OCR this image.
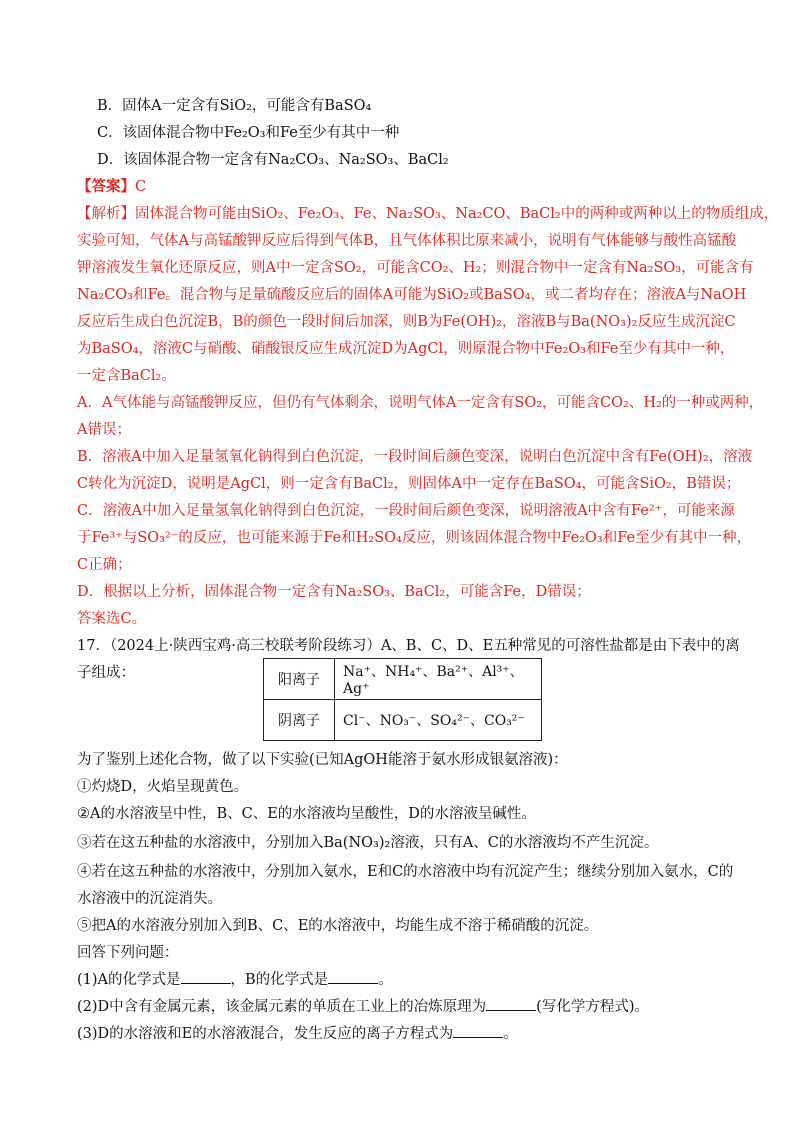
B．固体A一定含有SiO₂，可能含有BaSO₄
C．该固体混合物中Fe₂O₃和Fe至少有其中一种
D．该固体混合物一定含有Na₂CO₃、Na₂SO₃、BaCl₂
【答案】C
【解析】固体混合物可能由SiO₂、Fe₂O₃、Fe、Na₂SO₃、Na₂CO、BaCl₂中的两种或两种以上的物质组成，
实验可知，气体A与高锰酸钾反应后得到气体B，且气体体积比原来减小，说明有气体能够与酸性高锰酸
钾溶液发生氧化还原反应，则A中一定含SO₂，可能含CO₂、H₂；则混合物中一定含有Na₂SO₃，可能含有
Na₂CO₃和Fe。混合物与足量硫酸反应后的固体A可能为SiO₂或BaSO₄，或二者均存在；溶液A与NaOH
反应后生成白色沉淀B，B的颜色一段时间后加深，则B为Fe(OH)₂，溶液B与Ba(NO₃)₂反应生成沉淀C
为BaSO₄，溶液C与硝酸、硝酸银反应生成沉淀D为AgCl，则原混合物中Fe₂O₃和Fe至少有其中一种，
一定含BaCl₂。
A．A气体能与高锰酸钾反应，但仍有气体剩余，说明气体A一定含有SO₂，可能含CO₂、H₂的一种或两种，
A错误；
B．溶液A中加入足量氢氧化钠得到白色沉淀，一段时间后颜色变深，说明白色沉淀中含有Fe(OH)₂，溶液
C转化为沉淀D，说明是AgCl，则一定含有BaCl₂，则固体A中一定存在BaSO₄，可能含SiO₂，B错误；
C．溶液A中加入足量氢氧化钠得到白色沉淀，一段时间后颜色变深，说明溶液A中含有Fe²⁺，可能来源
于Fe³⁺与SO₃²⁻的反应，也可能来源于Fe和H₂SO₄反应，则该固体混合物中Fe₂O₃和Fe至少有其中一种，
C正确；
D．根据以上分析，固体混合物一定含有Na₂SO₃、BaCl₂，可能含Fe，D错误；
答案选C。
17．（2024上·陕西宝鸡·高三校联考阶段练习）A、B、C、D、E五种常见的可溶性盐都是由下表中的离
子组成：	阳离子	Na⁺、NH₄⁺、Ba²⁺、Al³⁺、Ag⁺
阴离子	Cl⁻、NO₃⁻、SO₄²⁻、CO₃²⁻
为了鉴别上述化合物，做了以下实验(已知AgOH能溶于氨水形成银氨溶液)：
①灼烧D，火焰呈现黄色。
②A的水溶液呈中性，B、C、E的水溶液均呈酸性，D的水溶液呈碱性。
③若在这五种盐的水溶液中，分别加入Ba(NO₃)₂溶液，只有A、C的水溶液均不产生沉淀。
④若在这五种盐的水溶液中，分别加入氨水，E和C的水溶液中均有沉淀产生；继续分别加入氨水，C的
水溶液中的沉淀消失。
⑤把A的水溶液分别加入到B、C、E的水溶液中，均能生成不溶于稀硝酸的沉淀。
回答下列问题：
(1)A的化学式是	，B的化学式是	。
(2)D中含有金属元素，该金属元素的单质在工业上的冶炼原理为	(写化学方程式)。
(3)D的水溶液和E的水溶液混合，发生反应的离子方程式为	。
